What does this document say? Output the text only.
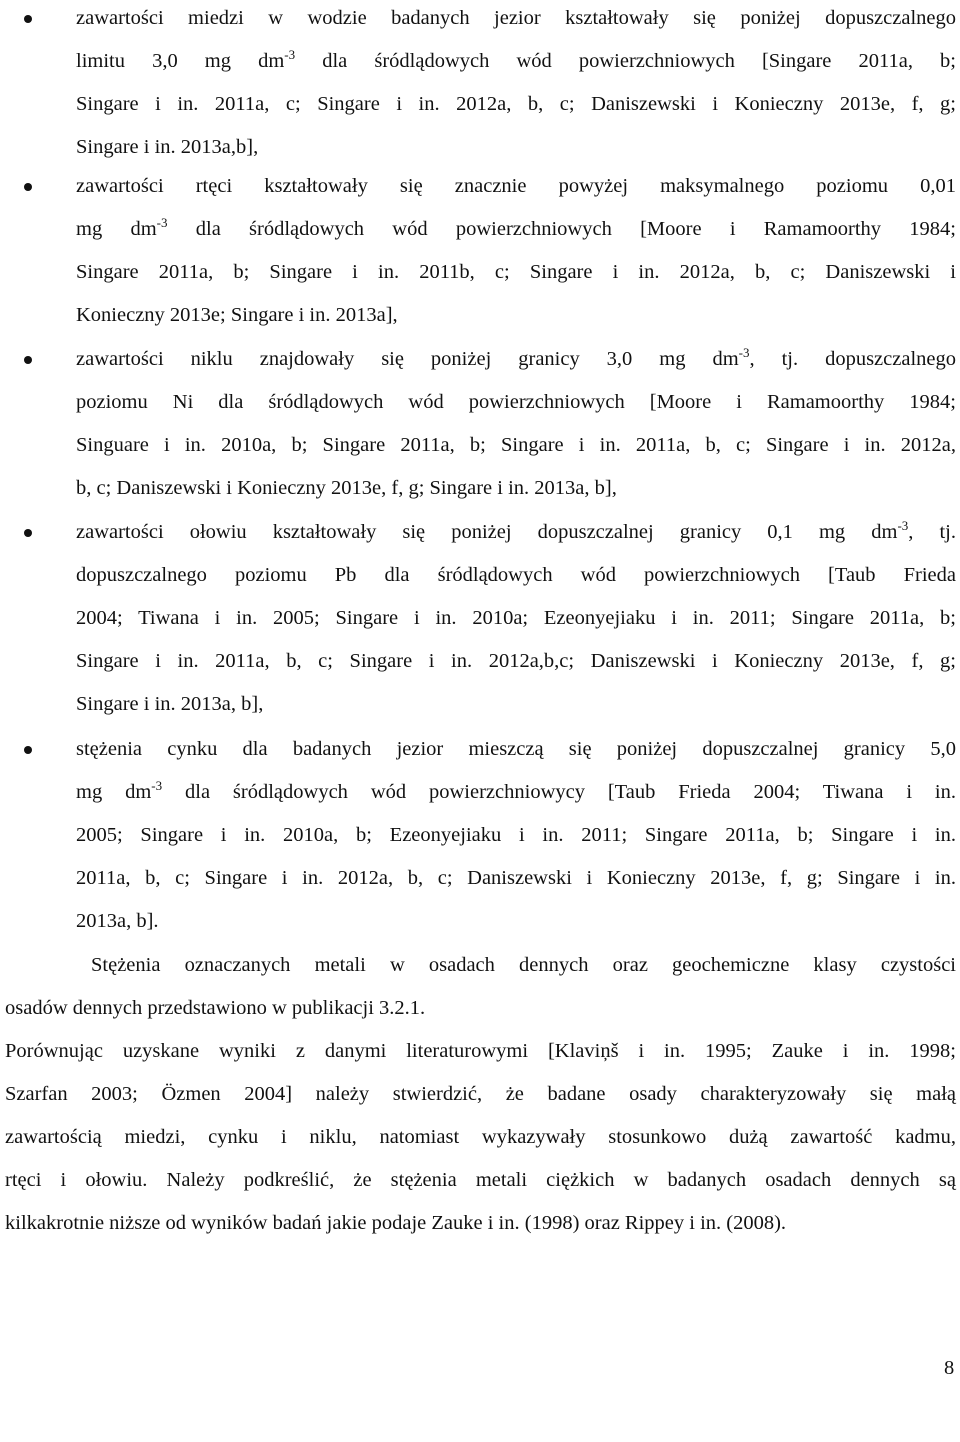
zawartości miedzi w wodzie badanych jezior kształtowały się poniżej dopuszczalnego
limitu 3,0 mg $dm^{-3}$ dla śródlądowych wód powierzchniowych [Singare 2011a, b;
Singare i in. 2011a, c; Singare i in. 2012a, b, c; Daniszewski i Konieczny 2013e, f, g;
Singare i in. 2013a,b],
zawartości rtęci kształtowały się znacznie powyżej maksymalnego poziomu 0,01
mg $dm^{-3}$ dla śródlądowych wód powierzchniowych [Moore i Ramamoorthy 1984;
Singare 2011a, b; Singare i in. 2011b, c; Singare i in. 2012a, b, c; Daniszewski i
Konieczny 2013e; Singare i in. 2013a],
zawartości niklu znajdowały się poniżej granicy 3,0 mg $dm^{-3}$, tj. dopuszczalnego
poziomu Ni dla śródlądowych wód powierzchniowych [Moore i Ramamoorthy 1984;
Singuare i in. 2010a, b; Singare 2011a, b; Singare i in. 2011a, b, c; Singare i in. 2012a,
b, c; Daniszewski i Konieczny 2013e, f, g; Singare i in. 2013a, b],
zawartości ołowiu kształtowały się poniżej dopuszczalnej granicy 0,1 mg $dm^{-3}$, tj.
dopuszczalnego poziomu Pb dla śródlądowych wód powierzchniowych [Taub Frieda
2004; Tiwana i in. 2005; Singare i in. 2010a; Ezeonyejiaku i in. 2011; Singare 2011a, b;
Singare i in. 2011a, b, c; Singare i in. 2012a,b,c; Daniszewski i Konieczny 2013e, f, g;
Singare i in. 2013a, b],
stężenia cynku dla badanych jezior mieszczą się poniżej dopuszczalnej granicy 5,0
mg $dm^{-3}$ dla śródlądowych wód powierzchniowycy [Taub Frieda 2004; Tiwana i in.
2005; Singare i in. 2010a, b; Ezeonyejiaku i in. 2011; Singare 2011a, b; Singare i in.
2011a, b, c; Singare i in. 2012a, b, c; Daniszewski i Konieczny 2013e, f, g; Singare i in.
2013a, b].
Stężenia oznaczanych metali w osadach dennych oraz geochemiczne klasy czystości
osadów dennych przedstawiono w publikacji 3.2.1.
Porównując uzyskane wyniki z danymi literaturowymi [Klaviņš i in. 1995; Zauke i in. 1998;
Szarfan 2003; Özmen 2004] należy stwierdzić, że badane osady charakteryzowały się małą
zawartością miedzi, cynku i niklu, natomiast wykazywały stosunkowo dużą zawartość kadmu,
rtęci i ołowiu. Należy podkreślić, że stężenia metali ciężkich w badanych osadach dennych są
kilkakrotnie niższe od wyników badań jakie podaje Zauke i in. (1998) oraz Rippey i in. (2008).
8
